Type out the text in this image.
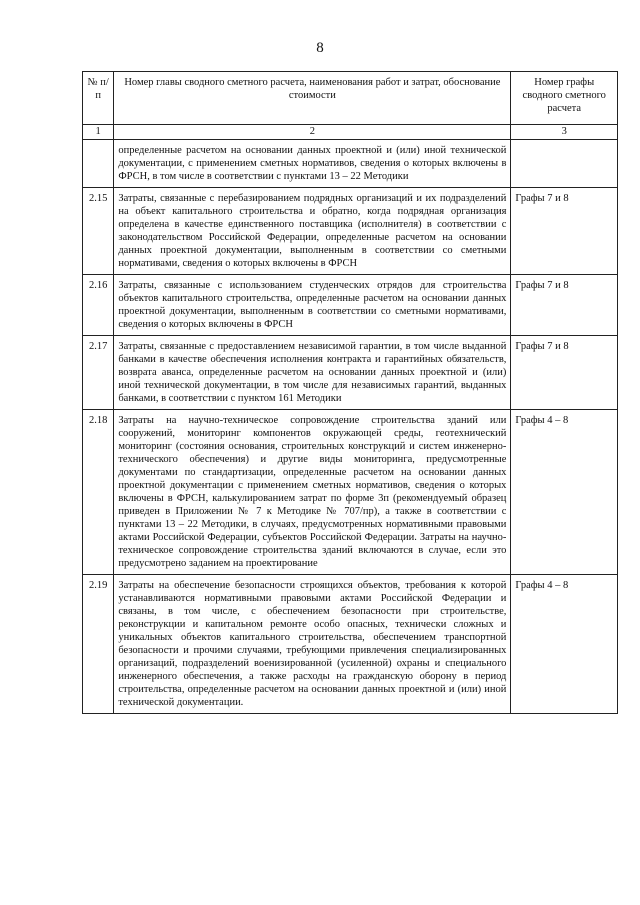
8
№ п/п	Номер главы сводного сметного расчета, наименования работ и затрат, обоснование стоимости	Номер графы сводного сметного расчета
1	2	3
	определенные расчетом на основании данных проектной и (или) иной технической документации, с применением сметных нормативов, сведения о которых включены в ФРСН, в том числе в соответствии с пунктами 13 – 22 Методики	
2.15	Затраты, связанные с перебазированием подрядных организаций и их подразделений на объект капитального строительства и обратно, когда подрядная организация определена в качестве единственного поставщика (исполнителя) в соответствии с законодательством Российской Федерации, определенные расчетом на основании данных проектной документации, выполненным в соответствии со сметными нормативами, сведения о которых включены в ФРСН	Графы 7 и 8
2.16	Затраты, связанные с использованием студенческих отрядов для строительства объектов капитального строительства, определенные расчетом на основании данных проектной документации, выполненным в соответствии со сметными нормативами, сведения о которых включены в ФРСН	Графы 7 и 8
2.17	Затраты, связанные с предоставлением независимой гарантии, в том числе выданной банками в качестве обеспечения исполнения контракта и гарантийных обязательств, возврата аванса, определенные расчетом на основании данных проектной и (или) иной технической документации, в том числе для независимых гарантий, выданных банками, в соответствии с пунктом 161 Методики	Графы 7 и 8
2.18	Затраты на научно-техническое сопровождение строительства зданий или сооружений, мониторинг компонентов окружающей среды, геотехнический мониторинг (состояния основания, строительных конструкций и систем инженерно-технического обеспечения) и другие виды мониторинга, предусмотренные документами по стандартизации, определенные расчетом на основании данных проектной документации с применением сметных нормативов, сведения о которых включены в ФРСН, калькулированием затрат по форме 3п (рекомендуемый образец приведен в Приложении № 7 к Методике № 707/пр), а также в соответствии с пунктами 13 – 22 Методики, в случаях, предусмотренных нормативными правовыми актами Российской Федерации, субъектов Российской Федерации. Затраты на научно-техническое сопровождение строительства зданий включаются в случае, если это предусмотрено заданием на проектирование	Графы 4 – 8
2.19	Затраты на обеспечение безопасности строящихся объектов, требования к которой устанавливаются нормативными правовыми актами Российской Федерации и связаны, в том числе, с обеспечением безопасности при строительстве, реконструкции и капитальном ремонте особо опасных, технически сложных и уникальных объектов капитального строительства, обеспечением транспортной безопасности и прочими случаями, требующими привлечения специализированных организаций, подразделений военизированной (усиленной) охраны и специального инженерного обеспечения, а также расходы на гражданскую оборону в период строительства, определенные расчетом на основании данных проектной и (или) иной технической документации.	Графы 4 – 8
